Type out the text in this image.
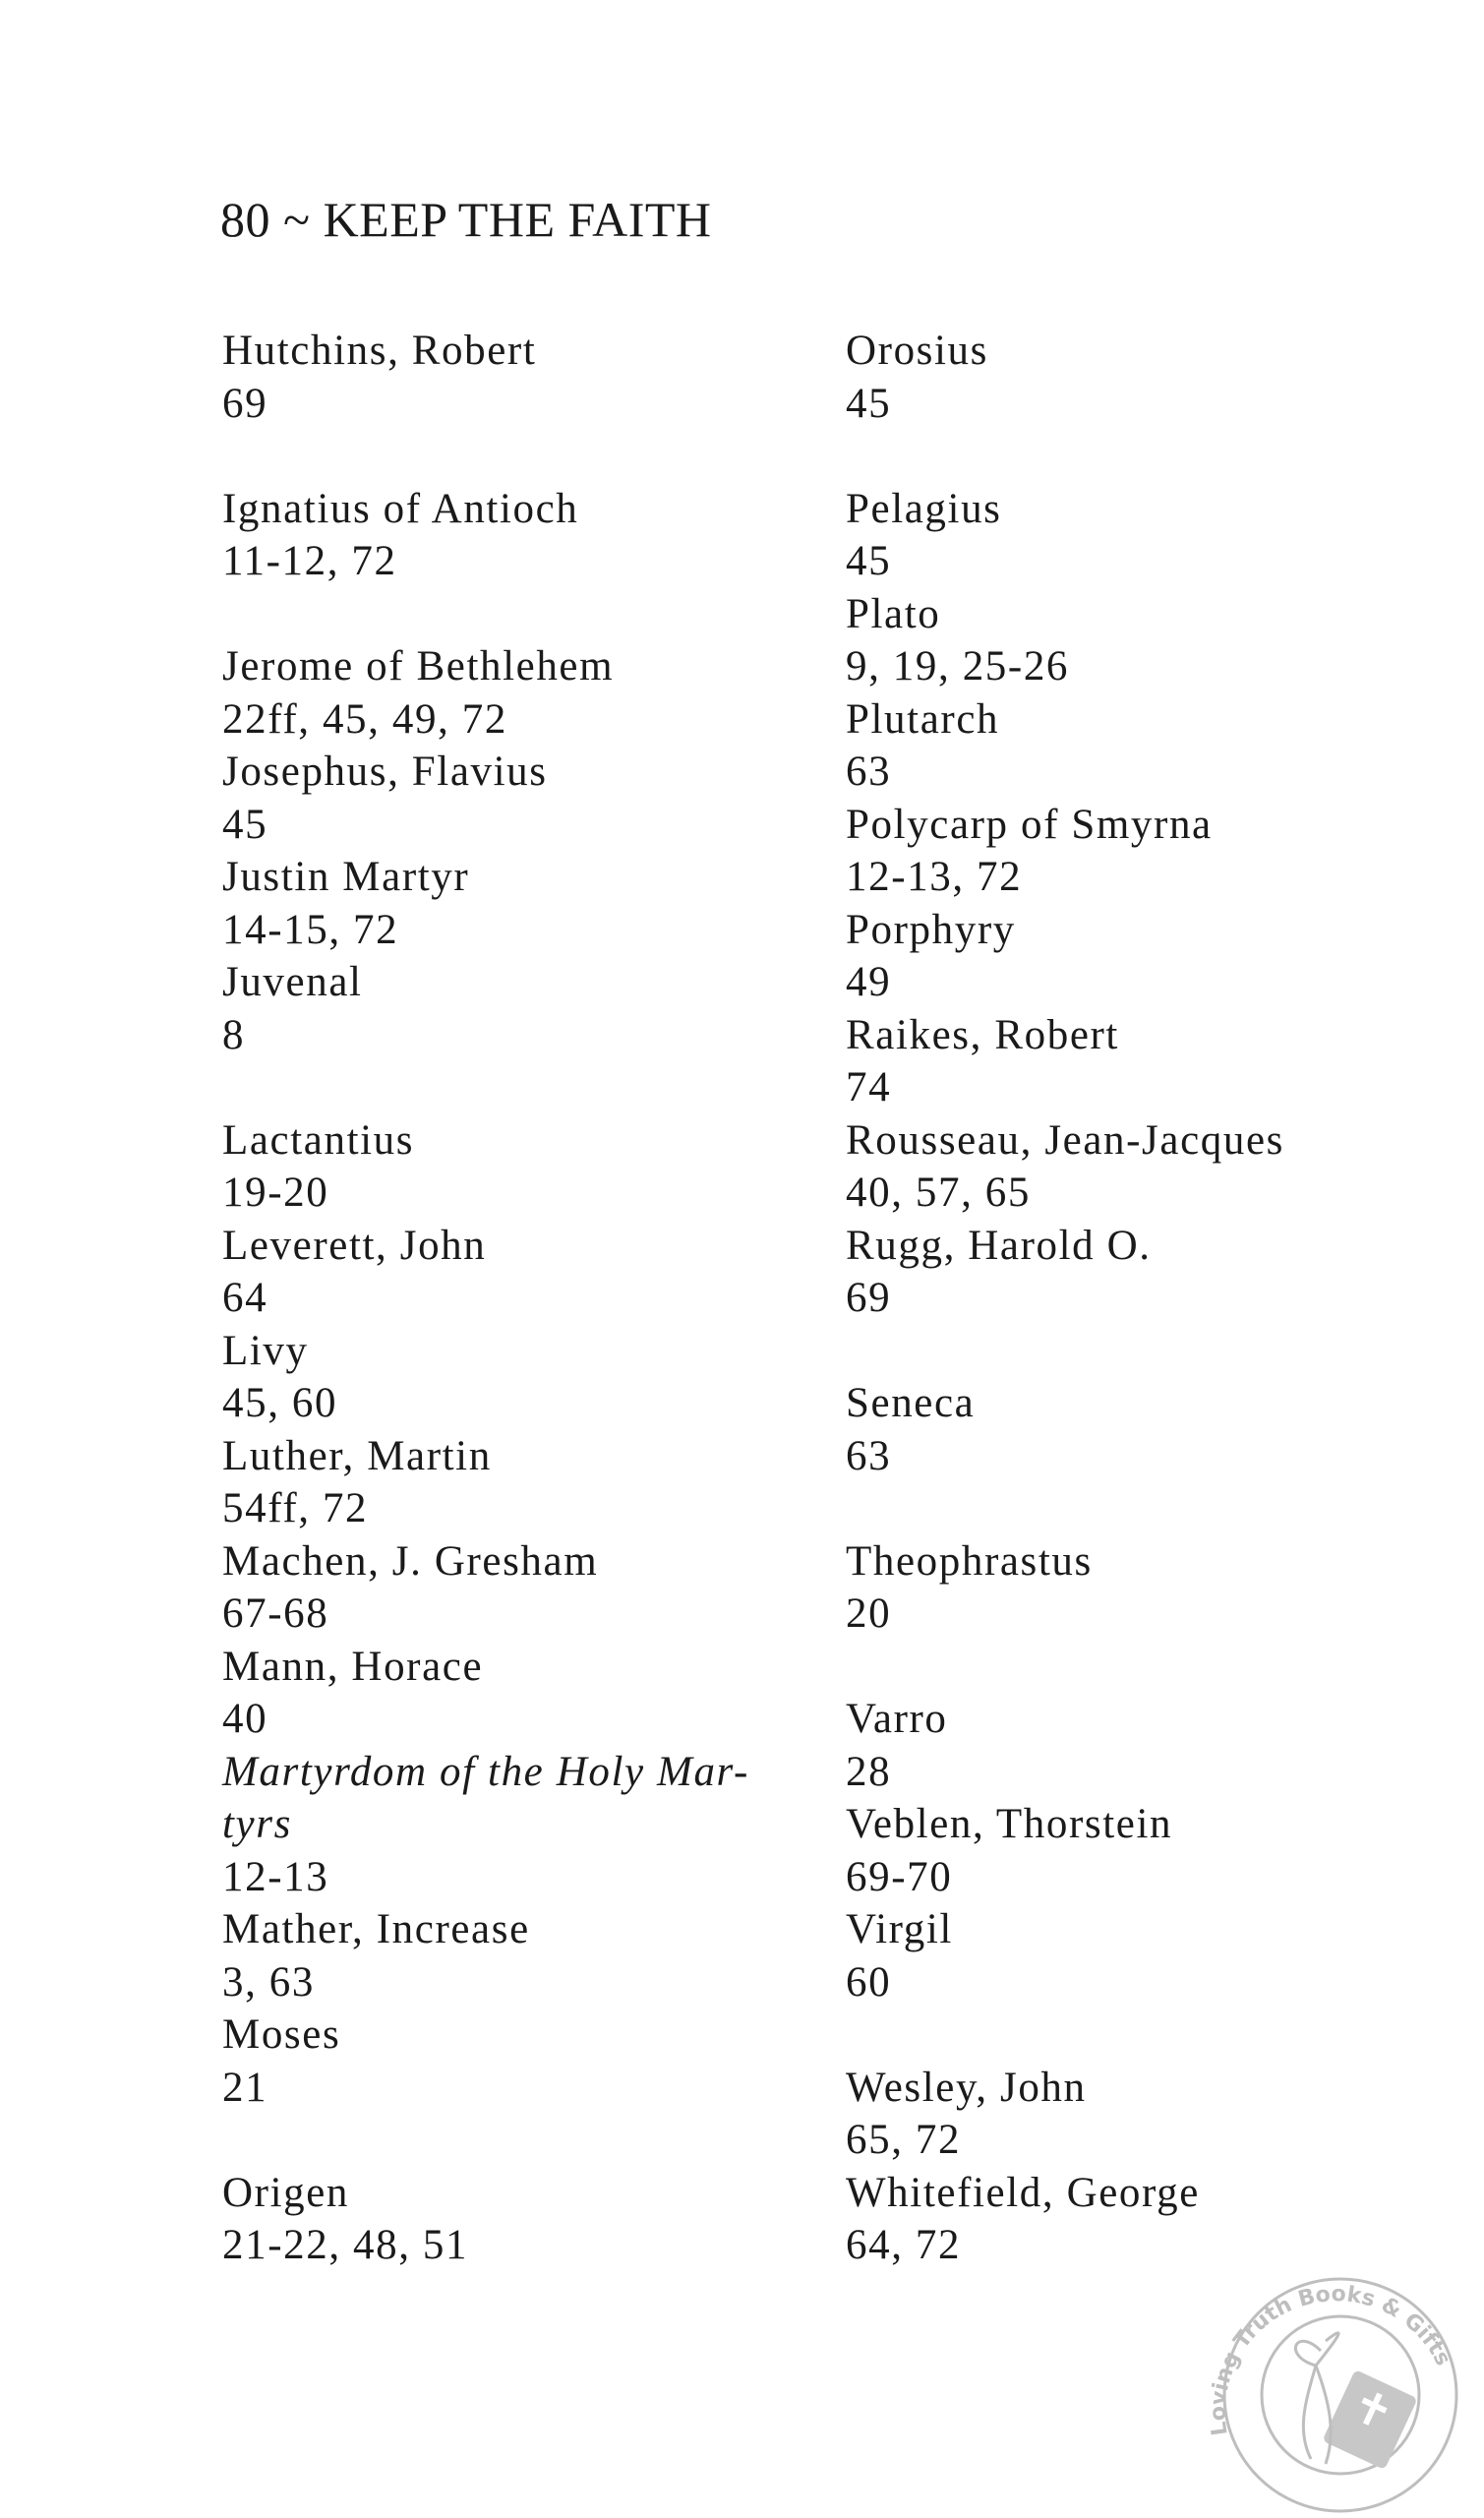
80 ~ KEEP THE FAITH
Hutchins, Robert
69
Ignatius of Antioch
11-12, 72
Jerome of Bethlehem
22ff, 45, 49, 72
Josephus, Flavius
45
Justin Martyr
14-15, 72
Juvenal
8
Lactantius
19-20
Leverett, John
64
Livy
45, 60
Luther, Martin
54ff, 72
Machen, J. Gresham
67-68
Mann, Horace
40
Martyrdom of the Holy Mar-
tyrs
12-13
Mather, Increase
3, 63
Moses
21
Origen
21-22, 48, 51
Orosius
45
Pelagius
45
Plato
9, 19, 25-26
Plutarch
63
Polycarp of Smyrna
12-13, 72
Porphyry
49
Raikes, Robert
74
Rousseau, Jean-Jacques
40, 57, 65
Rugg, Harold O.
69
Seneca
63
Theophrastus
20
Varro
28
Veblen, Thorstein
69-70
Virgil
60
Wesley, John
65, 72
Whitefield, George
64, 72
Loving Truth Books & Gifts
